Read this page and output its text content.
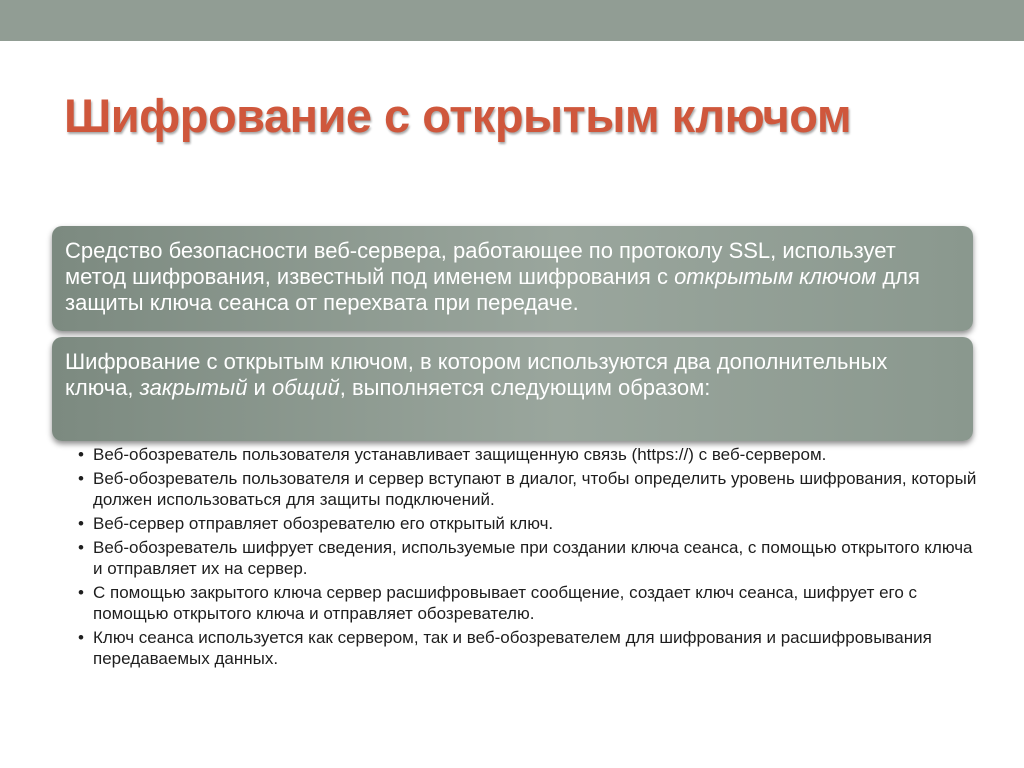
Шифрование с открытым ключом

Средство безопасности веб-сервера, работающее по протоколу SSL, использует метод шифрования, известный под именем шифрования с открытым ключом для защиты ключа сеанса от перехвата при передаче.

Шифрование с открытым ключом, в котором используются два дополнительных ключа, закрытый и общий, выполняется следующим образом:

• Веб-обозреватель пользователя устанавливает защищенную связь (https://) с веб-сервером.
• Веб-обозреватель пользователя и сервер вступают в диалог, чтобы определить уровень шифрования, который должен использоваться для защиты подключений.
• Веб-сервер отправляет обозревателю его открытый ключ.
• Веб-обозреватель шифрует сведения, используемые при создании ключа сеанса, с помощью открытого ключа и отправляет их на сервер.
• С помощью закрытого ключа сервер расшифровывает сообщение, создает ключ сеанса, шифрует его с помощью открытого ключа и отправляет обозревателю.
• Ключ сеанса используется как сервером, так и веб-обозревателем для шифрования и расшифровывания передаваемых данных.
